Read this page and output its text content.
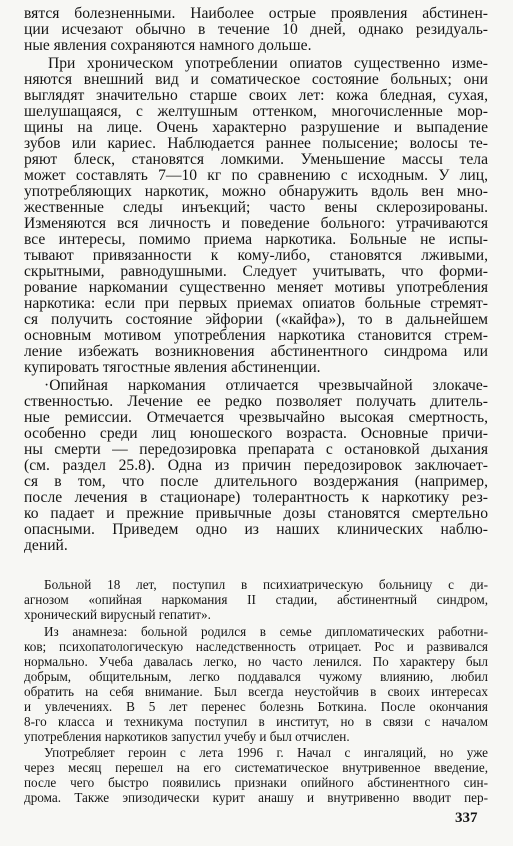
вятся болезненными. Наиболее острые проявления абстинен-
ции исчезают обычно в течение 10 дней, однако резидуаль-
ные явления сохраняются намного дольше.
При хроническом употреблении опиатов существенно изме-
няются внешний вид и соматическое состояние больных; они
выглядят значительно старше своих лет: кожа бледная, сухая,
шелушащаяся, с желтушным оттенком, многочисленные мор-
щины на лице. Очень характерно разрушение и выпадение
зубов или кариес. Наблюдается раннее полысение; волосы те-
ряют блеск, становятся ломкими. Уменьшение массы тела
может составлять 7—10 кг по сравнению с исходным. У лиц,
употребляющих наркотик, можно обнаружить вдоль вен мно-
жественные следы инъекций; часто вены склерозированы.
Изменяются вся личность и поведение больного: утрачиваются
все интересы, помимо приема наркотика. Больные не испы-
тывают привязанности к кому-либо, становятся лживыми,
скрытными, равнодушными. Следует учитывать, что форми-
рование наркомании существенно меняет мотивы употребления
наркотика: если при первых приемах опиатов больные стремят-
ся получить состояние эйфории («кайфа»), то в дальнейшем
основным мотивом употребления наркотика становится стрем-
ление избежать возникновения абстинентного синдрома или
купировать тягостные явления абстиненции.
·Опийная наркомания отличается чрезвычайной злокаче-
ственностью. Лечение ее редко позволяет получать длитель-
ные ремиссии. Отмечается чрезвычайно высокая смертность,
особенно среди лиц юношеского возраста. Основные причи-
ны смерти — передозировка препарата с остановкой дыхания
(см. раздел 25.8). Одна из причин передозировок заключает-
ся в том, что после длительного воздержания (например,
после лечения в стационаре) толерантность к наркотику рез-
ко падает и прежние привычные дозы становятся смертельно
опасными. Приведем одно из наших клинических наблю-
дений.
Больной 18 лет, поступил в психиатрическую больницу с ди-
агнозом «опийная наркомания II стадии, абстинентный синдром,
хронический вирусный гепатит».
Из анамнеза: больной родился в семье дипломатических работни-
ков; психопатологическую наследственность отрицает. Рос и развивался
нормально. Учеба давалась легко, но часто ленился. По характеру был
добрым, общительным, легко поддавался чужому влиянию, любил
обратить на себя внимание. Был всегда неустойчив в своих интересах
и увлечениях. В 5 лет перенес болезнь Боткина. После окончания
8-го класса и техникума поступил в институт, но в связи с началом
употребления наркотиков запустил учебу и был отчислен.
Употребляет героин с лета 1996 г. Начал с ингаляций, но уже
через месяц перешел на его систематическое внутривенное введение,
после чего быстро появились признаки опийного абстинентного син-
дрома. Также эпизодически курит анашу и внутривенно вводит пер-
337
